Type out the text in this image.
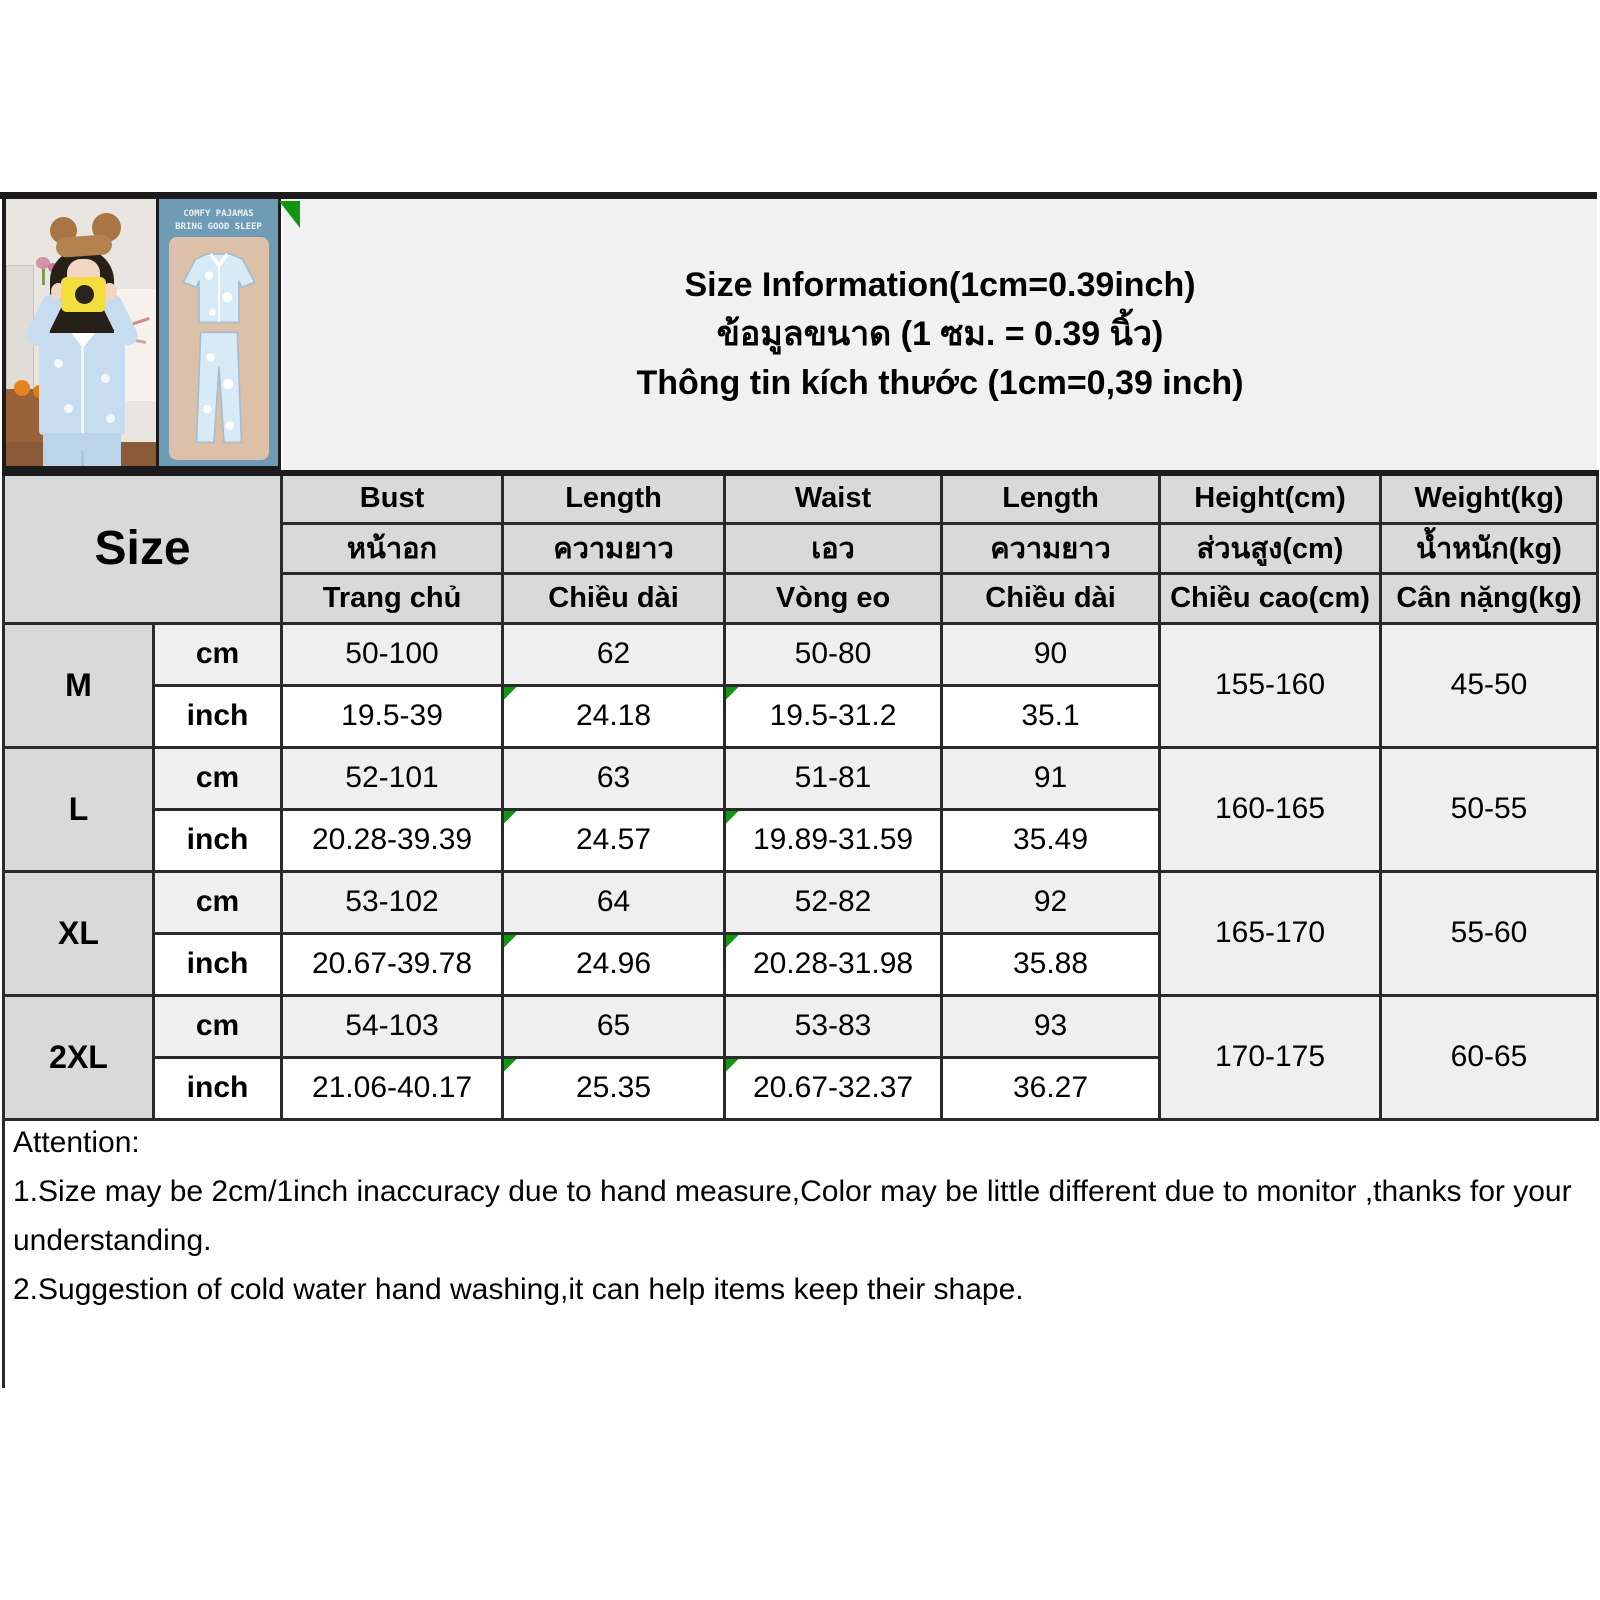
COMFY PAJAMAS
BRING GOOD SLEEP
Size Information(1cm=0.39inch)
ข้อมูลขนาด (1 ซม. = 0.39 นิ้ว)
Thông tin kích thước (1cm=0,39 inch)
Size		Bust	Length	Waist	Length	Height(cm)	Weight(kg)
		หน้าอก	ความยาว	เอว	ความยาว	ส่วนสูง(cm)	น้ำหนัก(kg)
		Trang chủ	Chiều dài	Vòng eo	Chiều dài	Chiều cao(cm)	Cân nặng(kg)
M	cm	50-100	62	50-80	90	155-160	45-50
	inch	19.5-39	24.18	19.5-31.2	35.1		
L	cm	52-101	63	51-81	91	160-165	50-55
	inch	20.28-39.39	24.57	19.89-31.59	35.49		
XL	cm	53-102	64	52-82	92	165-170	55-60
	inch	20.67-39.78	24.96	20.28-31.98	35.88		
2XL	cm	54-103	65	53-83	93	170-175	60-65
	inch	21.06-40.17	25.35	20.67-32.37	36.27		
Attention:
1.Size may be 2cm/1inch inaccuracy due to hand measure,Color may be little different due to monitor ,thanks for your understanding.
2.Suggestion of cold water hand washing,it can help items keep their shape.
